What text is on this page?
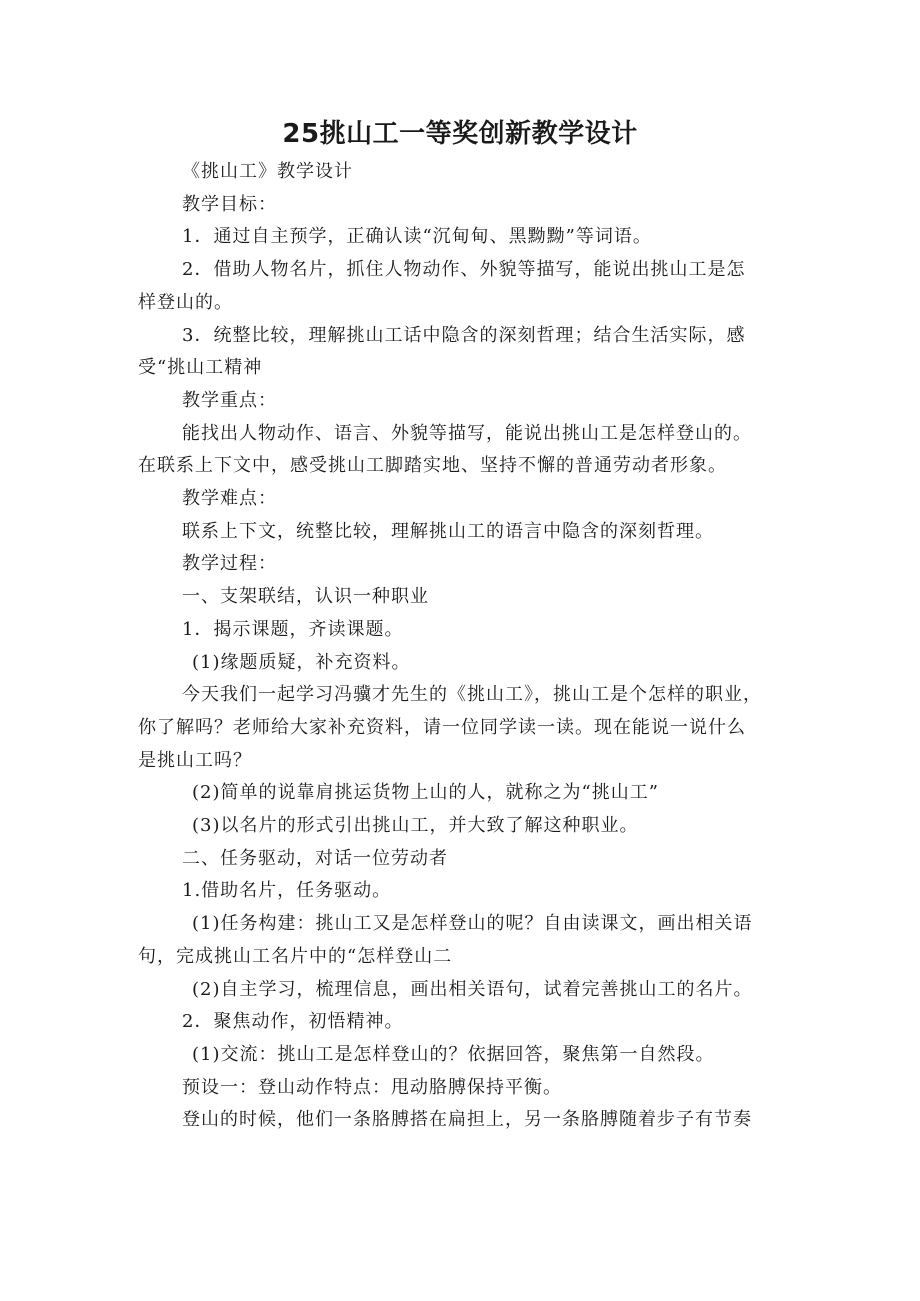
25挑山工一等奖创新教学设计
《挑山工》教学设计
教学目标：
1．通过自主预学，正确认读“沉甸甸、黑黝黝”等词语。
2．借助人物名片，抓住人物动作、外貌等描写，能说出挑山工是怎
样登山的。
3．统整比较，理解挑山工话中隐含的深刻哲理；结合生活实际，感
受“挑山工精神
教学重点：
能找出人物动作、语言、外貌等描写，能说出挑山工是怎样登山的。
在联系上下文中，感受挑山工脚踏实地、坚持不懈的普通劳动者形象。
教学难点：
联系上下文，统整比较，理解挑山工的语言中隐含的深刻哲理。
教学过程：
一、支架联结，认识一种职业
1．揭示课题，齐读课题。
(1)缘题质疑，补充资料。
今天我们一起学习冯骥才先生的《挑山工》，挑山工是个怎样的职业，
你了解吗？老师给大家补充资料，请一位同学读一读。现在能说一说什么
是挑山工吗？
(2)简单的说靠肩挑运货物上山的人，就称之为“挑山工”
(3)以名片的形式引出挑山工，并大致了解这种职业。
二、任务驱动，对话一位劳动者
1.借助名片，任务驱动。
(1)任务构建：挑山工又是怎样登山的呢？自由读课文，画出相关语
句，完成挑山工名片中的“怎样登山二
(2)自主学习，梳理信息，画出相关语句，试着完善挑山工的名片。
2．聚焦动作，初悟精神。
(1)交流：挑山工是怎样登山的？依据回答，聚焦第一自然段。
预设一：登山动作特点：甩动胳膊保持平衡。
登山的时候，他们一条胳膊搭在扁担上，另一条胳膊随着步子有节奏
